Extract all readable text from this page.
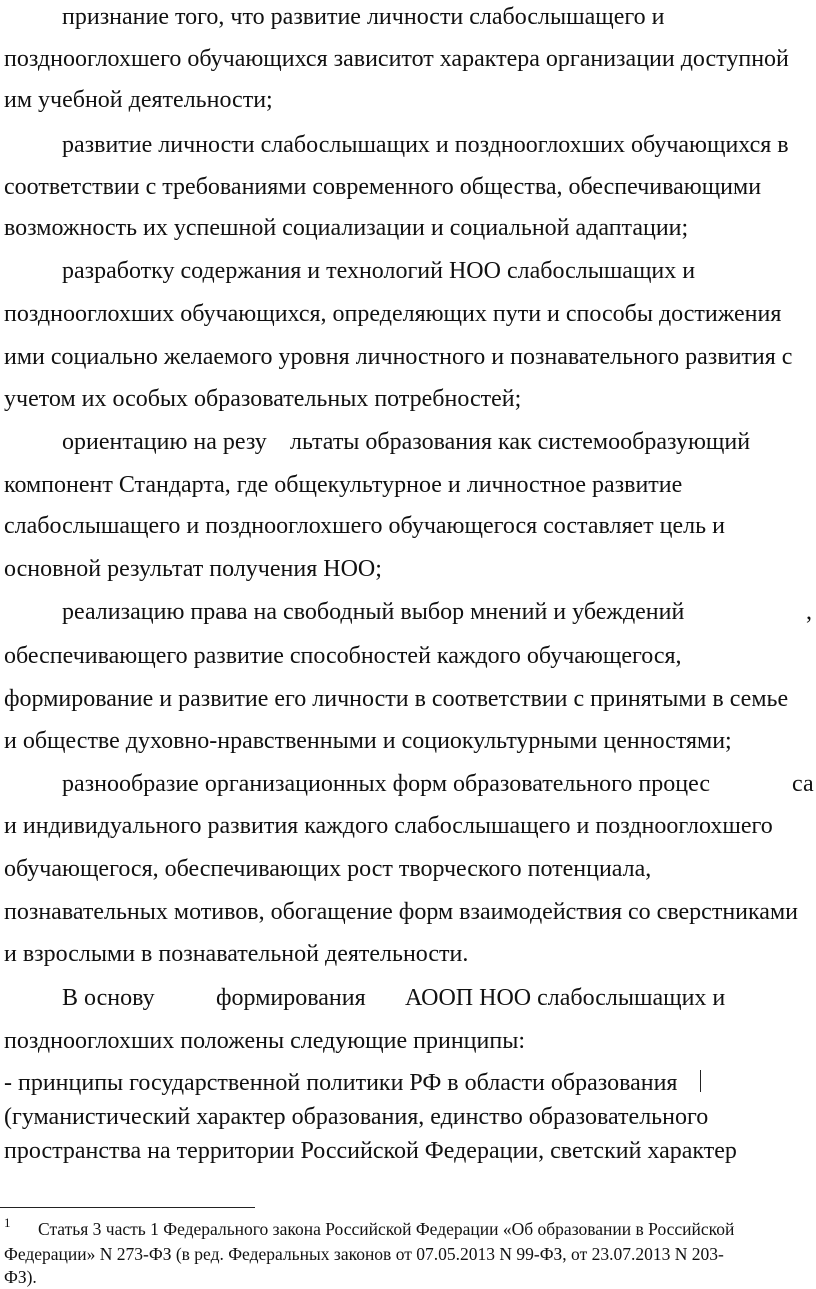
признание того, что развитие личности слабослышащего и
позднооглохшего обучающихся зависитот характера организации доступной
им учебной деятельности;
развитие личности слабослышащих и позднооглохших обучающихся в
соответствии с требованиями современного общества, обеспечивающими
возможность их успешной социализации и социальной адаптации;
разработку содержания и технологий НОО слабослышащих и
позднооглохших обучающихся, определяющих пути и способы достижения
ими социально желаемого уровня личностного и познавательного развития с
учетом их особых образовательных потребностей;
ориентацию на резу льтаты образования как системообразующий
компонент Стандарта, где общекультурное и личностное развитие
слабослышащего и позднооглохшего обучающегося составляет цель и
основной результат получения НОО;
реализацию права на свободный выбор мнений и убеждений	,
обеспечивающего развитие способностей каждого обучающегося,
формирование и развитие его личности в соответствии с принятыми в семье
и обществе духовно-нравственными и социокультурными ценностями;
разнообразие организационных форм образовательного процес	са
и индивидуального развития каждого слабослышащего и позднооглохшего
обучающегося, обеспечивающих рост творческого потенциала,
познавательных мотивов, обогащение форм взаимодействия со сверстниками
и взрослыми в познавательной деятельности.
В основу	формирования АООП НОО слабослышащих и
позднооглохших положены следующие принципы:
- принципы государственной политики РФ в области образования
(гуманистический характер образования, единство образовательного
пространства на территории Российской Федерации, светский характер
1 Статья 3 часть 1 Федерального закона Российской Федерации «Об образовании в Российской
Федерации» N 273-ФЗ (в ред. Федеральных законов от 07.05.2013 N 99-ФЗ, от 23.07.2013 N 203-
ФЗ).
